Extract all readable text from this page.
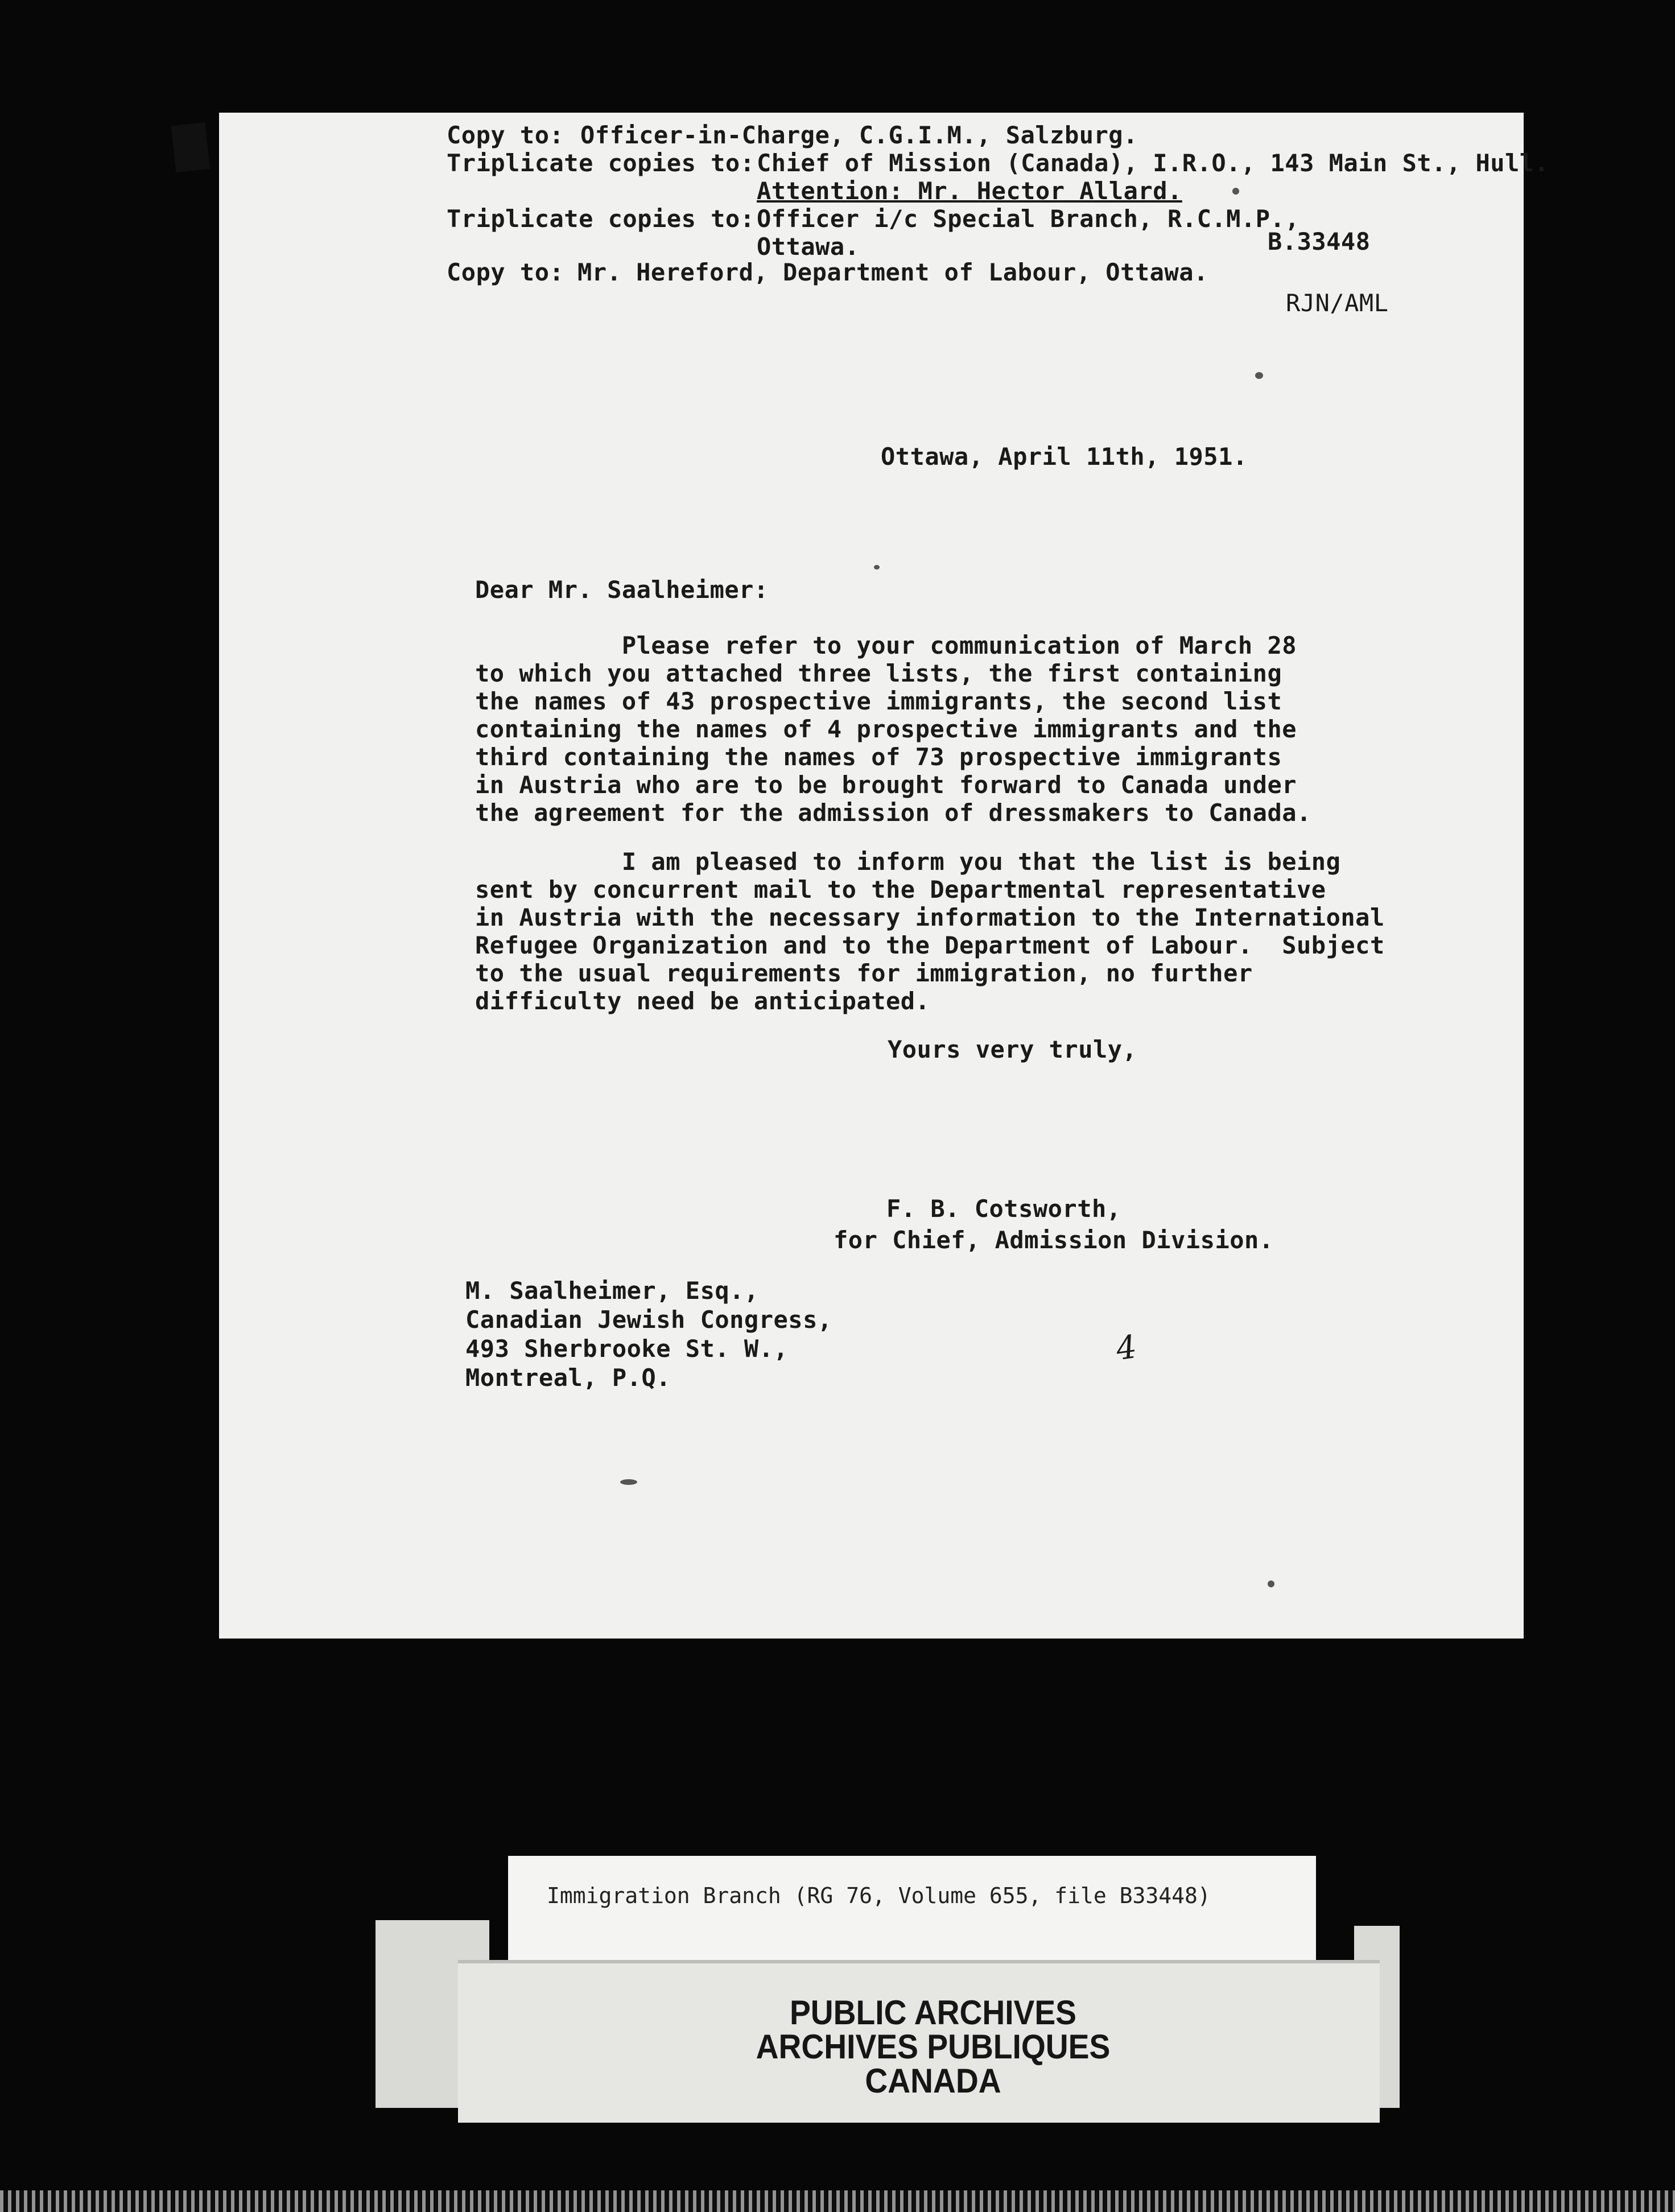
Copy to: Officer-in-Charge, C.G.I.M., Salzburg.
Triplicate copies to: Chief of Mission (Canada), I.R.O., 143 Main St., Hull.
Attention: Mr. Hector Allard.
Triplicate copies to: Officer i/c Special Branch, R.C.M.P.,
Ottawa.	B.33448
Copy to: Mr. Hereford, Department of Labour, Ottawa.
RJN/AML
Ottawa, April 11th, 1951.
Dear Mr. Saalheimer:
Please refer to your communication of March 28
to which you attached three lists, the first containing
the names of 43 prospective immigrants, the second list
containing the names of 4 prospective immigrants and the
third containing the names of 73 prospective immigrants
in Austria who are to be brought forward to Canada under
the agreement for the admission of dressmakers to Canada.
I am pleased to inform you that the list is being
sent by concurrent mail to the Departmental representative
in Austria with the necessary information to the International
Refugee Organization and to the Department of Labour.  Subject
to the usual requirements for immigration, no further
difficulty need be anticipated.
Yours very truly,
F. B. Cotsworth,
for Chief, Admission Division.
M. Saalheimer, Esq.,
Canadian Jewish Congress,
493 Sherbrooke St. W.,
Montreal, P.Q.
4
Immigration Branch (RG 76, Volume 655, file B33448)
PUBLIC ARCHIVES
ARCHIVES PUBLIQUES
CANADA
